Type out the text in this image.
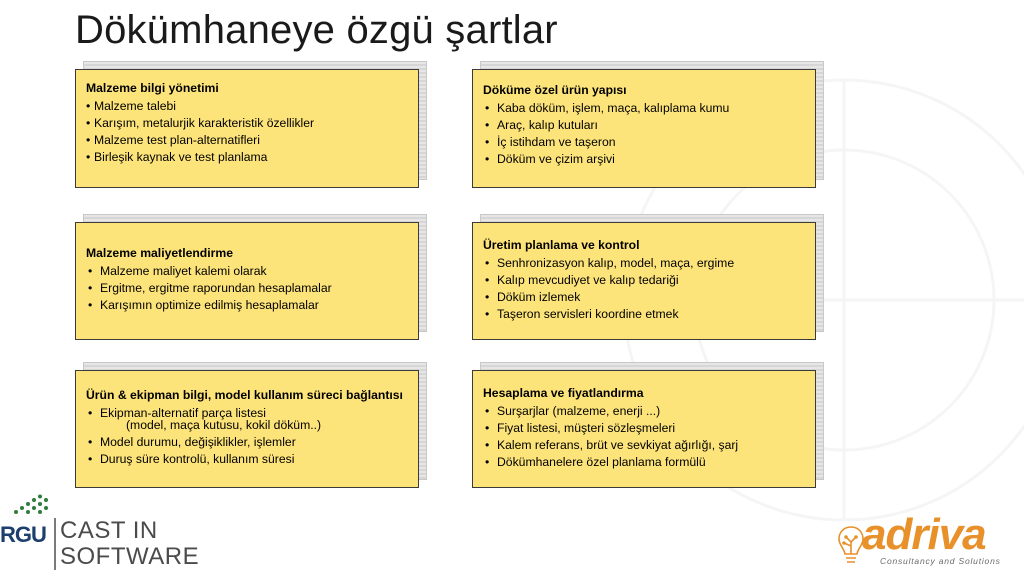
Dökümhaneye özgü şartlar
Malzeme bilgi yönetimi
• Malzeme talebi
• Karışım, metalurjik karakteristik özellikler
• Malzeme test plan-alternatifleri
• Birleşik kaynak ve test planlama
Döküme özel ürün yapısı
• Kaba döküm, işlem, maça, kalıplama kumu
• Araç, kalıp kutuları
• İç istihdam ve taşeron
• Döküm ve çizim arşivi
Malzeme maliyetlendirme
• Malzeme maliyet kalemi olarak
• Ergitme, ergitme raporundan hesaplamalar
• Karışımın optimize edilmiş hesaplamalar
Üretim planlama ve kontrol
• Senhronizasyon kalıp, model, maça, ergime
• Kalıp mevcudiyet ve kalıp tedariği
• Döküm izlemek
• Taşeron servisleri koordine etmek
Ürün & ekipman bilgi, model kullanım süreci bağlantısı
• Ekipman-alternatif parça listesi
(model, maça kutusu, kokil döküm..)
• Model durumu, değişiklikler, işlemler
• Duruş süre kontrolü, kullanım süresi
Hesaplama ve fiyatlandırma
• Surşarjlar (malzeme, enerji ...)
• Fiyat listesi, müşteri sözleşmeleri
• Kalem referans, brüt ve sevkiyat ağırlığı, şarj
• Dökümhanelere özel planlama formülü
RGU CAST IN
SOFTWARE	adriva
Consultancy and Solutions
